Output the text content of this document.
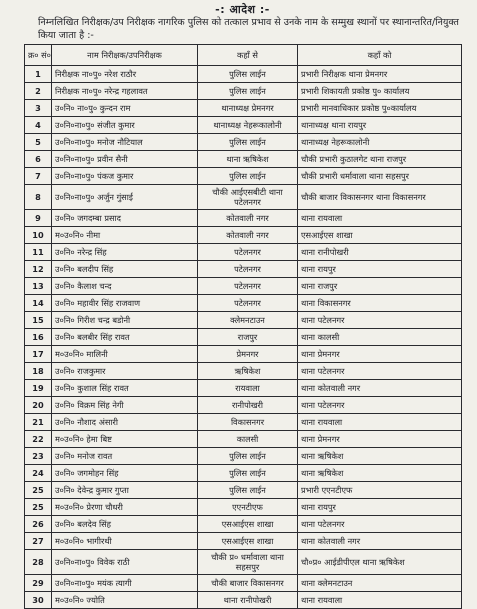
-: आदेश :-
निम्नलिखित निरीक्षक/उप निरीक्षक नागरिक पुलिस को तत्काल प्रभाव से उनके नाम के सम्मुख स्थानों पर स्थानान्तरित/नियुक्त किया जाता है :-
क्र० सं०	नाम निरीक्षक/उपनिरीक्षक	कहाँ से	कहाँ को
1	निरीक्षक ना०पु० नरेश राठौर	पुलिस लाईन	प्रभारी निरीक्षक थाना प्रेमनगर
2	निरीक्षक ना०पु० नरेन्द्र गहलावत	पुलिस लाईन	प्रभारी शिकायती प्रकोष्ठ पु० कार्यालय
3	उ०नि० ना०पु० कुन्दन राम	थानाध्यक्ष प्रेमनगर	प्रभारी मानवाधिकार प्रकोष्ठ पु०कार्यालय
4	उ०नि०ना०पु० संजीत कुमार	थानाध्यक्ष नेहरूकालोनी	थानाध्यक्ष थाना रायपुर
5	उ०नि०ना०पु० मनोज नौटियाल	पुलिस लाईन	थानाध्यक्ष नेहरूकालोनी
6	उ०नि०ना०पु० प्रवीन सैनी	थाना ऋषिकेश	चौकी प्रभारी कुठालगेट थाना राजपुर
7	उ०नि०ना०पु० पंकज कुमार	पुलिस लाईन	चौकी प्रभारी धर्मावाला थाना सहसपुर
8	उ०नि०ना०पु० अर्जुन गुंसाई	चौकी आईएसबीटी थाना पटेलनगर	चौकी बाजार विकासनगर थाना विकासनगर
9	उ०नि० जगदम्बा प्रसाद	कोतवाली नगर	थाना रायवाला
10	म०उ०नि० नीमा	कोतवाली नगर	एसआईएस शाखा
11	उ०नि० नरेन्द्र सिंह	पटेलनगर	थाना रानीपोखरी
12	उ०नि० बलदीप सिंह	पटेलनगर	थाना रायपुर
13	उ०नि० कैलाश चन्द	पटेलनगर	थाना राजपुर
14	उ०नि० महावीर सिंह राजवाण	पटेलनगर	थाना विकासनगर
15	उ०नि० गिरीश चन्द्र बडोनी	क्लेमनटाउन	थाना पटेलनगर
16	उ०नि० बलबीर सिंह रावत	राजपुर	थाना कालसी
17	म०उ०नि० मालिनी	प्रेमनगर	थाना प्रेमनगर
18	उ०नि० राजकुमार	ऋषिकेश	थाना पटेलनगर
19	उ०नि० कुशाल सिंह रावत	रायवाला	थाना कोतवाली नगर
20	उ०नि० विक्रम सिंह नेगी	रानीपोखरी	थाना पटेलनगर
21	उ०नि० नौशाद अंसारी	विकासनगर	थाना रायवाला
22	म०उ०नि० हेमा बिष्ट	कालसी	थाना प्रेमनगर
23	उ०नि० मनोज रावत	पुलिस लाईन	थाना ऋषिकेश
24	उ०नि० जगमोहन सिंह	पुलिस लाईन	थाना ऋषिकेश
25	उ०नि० देवेन्द्र कुमार गुप्ता	पुलिस लाईन	प्रभारी एएनटीएफ
25	म०उ०नि० प्रेरणा चौधरी	एएनटीएफ	थाना रायपुर
26	उ०नि० बलदेव सिंह	एसआईएस शाखा	थाना पटेलनगर
27	म०उ०नि० भागीरथी	एसआईएस शाखा	थाना कोतवाली नगर
28	उ०नि०ना०पु० विवेक राठी	चौकी प्र० धर्मावाला थाना सहसपुर	चौ०प्र० आईडीपीएल थाना ऋषिकेश
29	उ०नि०ना०पु० मयंक त्यागी	चौकी बाजार विकासनगर	थाना क्लेमनटाउन
30	म०उ०नि० ज्योति	थाना रानीपोखरी	थाना रायवाला
